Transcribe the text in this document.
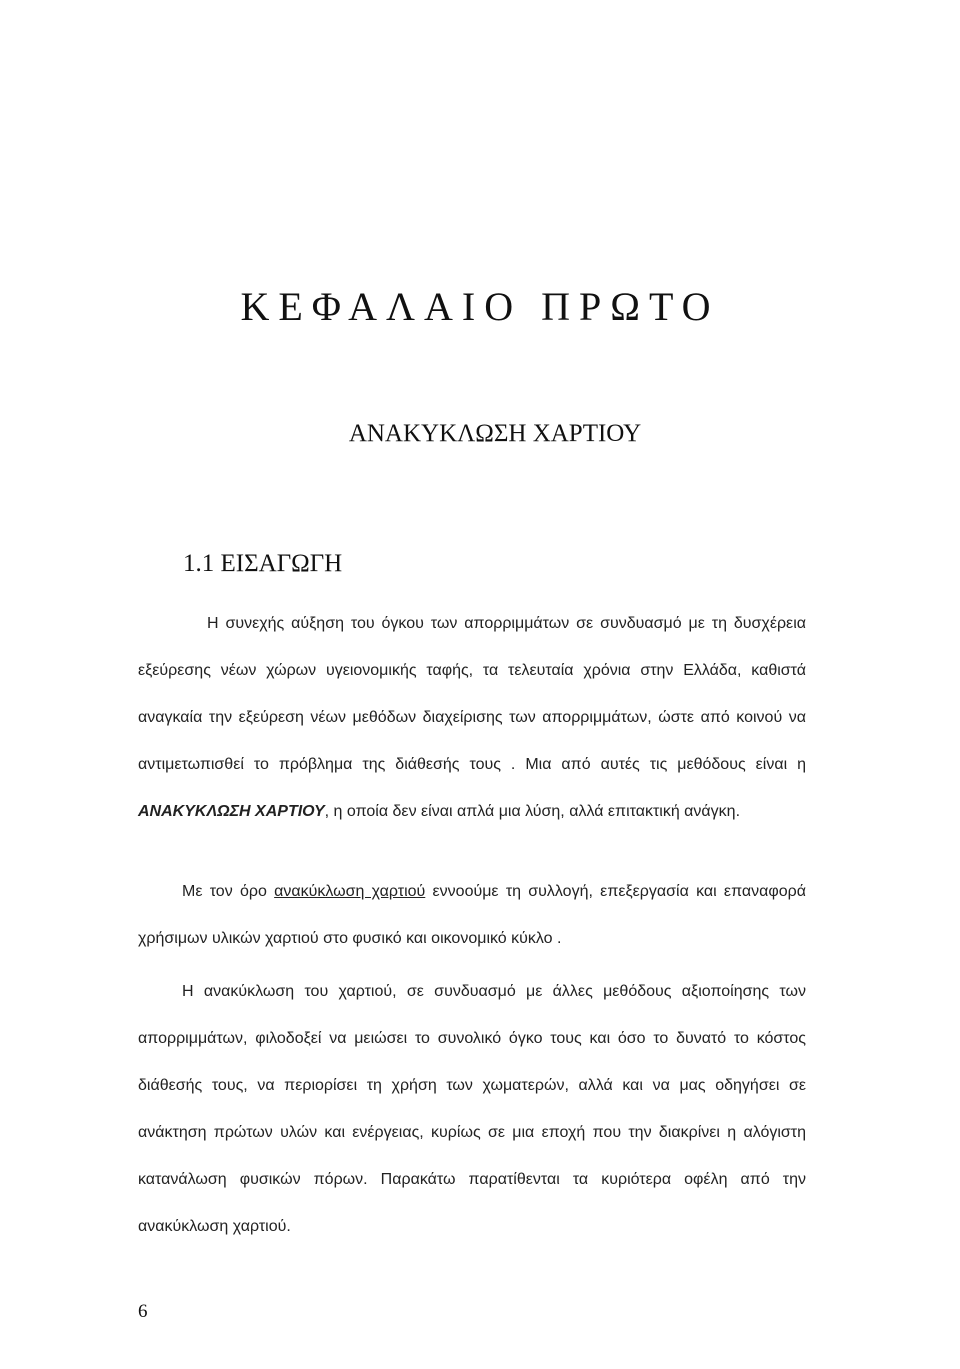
ΚΕΦΑΛΑΙΟ ΠΡΩΤΟ
ΑΝΑΚΥΚΛΩΣΗ ΧΑΡΤΙΟΥ
1.1 ΕΙΣΑΓΩΓΗ

Η συνεχής αύξηση του όγκου των απορριμμάτων σε συνδυασμό με τη δυσχέρεια εξεύρεσης νέων χώρων υγειονομικής ταφής, τα τελευταία χρόνια στην Ελλάδα, καθιστά αναγκαία την εξεύρεση νέων μεθόδων διαχείρισης των απορριμμάτων, ώστε από κοινού να αντιμετωπισθεί το πρόβλημα της διάθεσής τους . Μια από αυτές τις μεθόδους είναι η ΑΝΑΚΥΚΛΩΣΗ ΧΑΡΤΙΟΥ, η οποία δεν είναι απλά μια λύση, αλλά επιτακτική ανάγκη.

Με τον όρο ανακύκλωση χαρτιού εννοούμε τη συλλογή, επεξεργασία και επαναφορά χρήσιμων υλικών χαρτιού στο φυσικό και οικονομικό κύκλο .

Η ανακύκλωση του χαρτιού, σε συνδυασμό με άλλες μεθόδους αξιοποίησης των απορριμμάτων, φιλοδοξεί να μειώσει το συνολικό όγκο τους και όσο το δυνατό το κόστος διάθεσής τους, να περιορίσει τη χρήση των χωματερών, αλλά και να μας οδηγήσει σε ανάκτηση πρώτων υλών και ενέργειας, κυρίως σε μια εποχή που την διακρίνει η αλόγιστη κατανάλωση φυσικών πόρων. Παρακάτω παρατίθενται τα κυριότερα οφέλη από την ανακύκλωση χαρτιού.

6
